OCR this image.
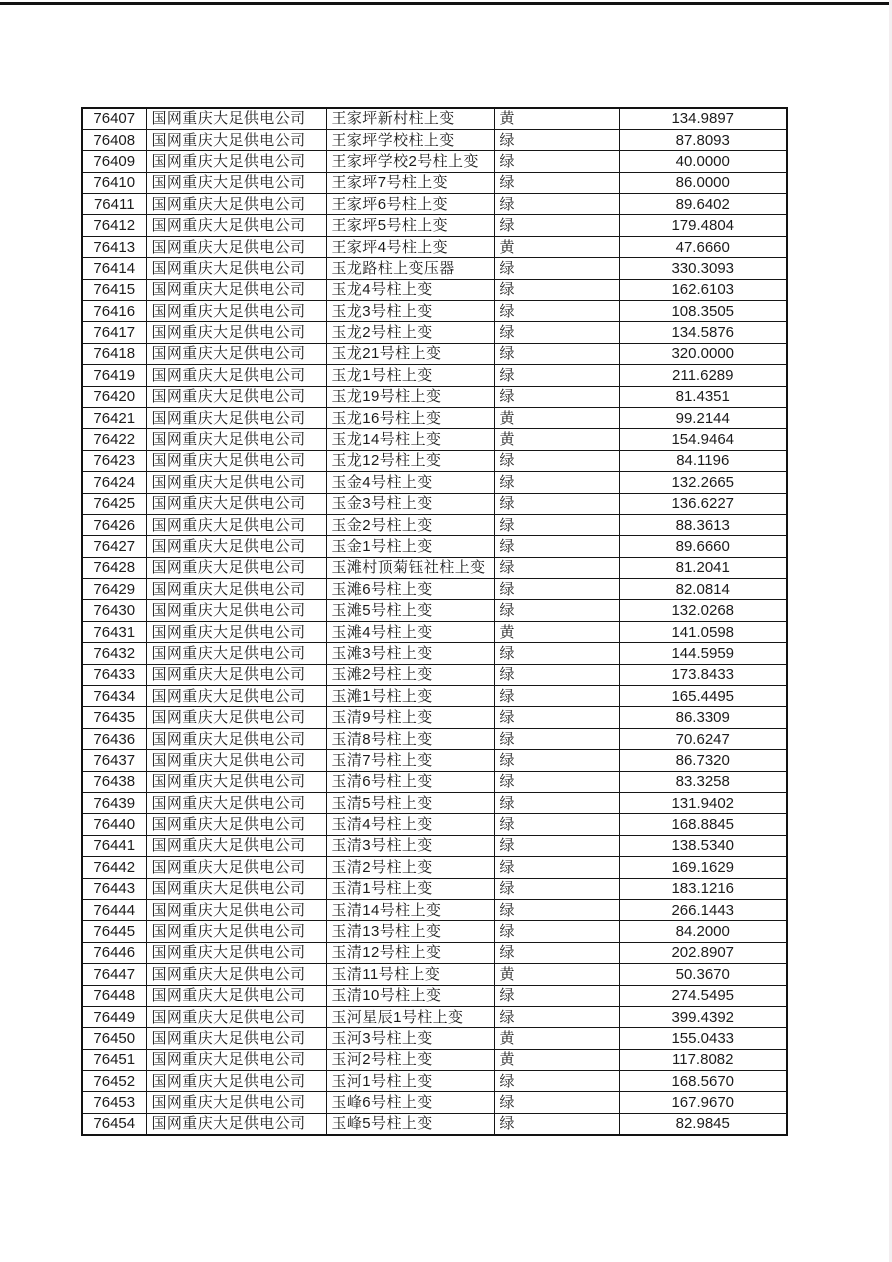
76407	国网重庆大足供电公司	王家坪新村柱上变	黄	134.9897
76408	国网重庆大足供电公司	王家坪学校柱上变	绿	87.8093
76409	国网重庆大足供电公司	王家坪学校2号柱上变	绿	40.0000
76410	国网重庆大足供电公司	王家坪7号柱上变	绿	86.0000
76411	国网重庆大足供电公司	王家坪6号柱上变	绿	89.6402
76412	国网重庆大足供电公司	王家坪5号柱上变	绿	179.4804
76413	国网重庆大足供电公司	王家坪4号柱上变	黄	47.6660
76414	国网重庆大足供电公司	玉龙路柱上变压器	绿	330.3093
76415	国网重庆大足供电公司	玉龙4号柱上变	绿	162.6103
76416	国网重庆大足供电公司	玉龙3号柱上变	绿	108.3505
76417	国网重庆大足供电公司	玉龙2号柱上变	绿	134.5876
76418	国网重庆大足供电公司	玉龙21号柱上变	绿	320.0000
76419	国网重庆大足供电公司	玉龙1号柱上变	绿	211.6289
76420	国网重庆大足供电公司	玉龙19号柱上变	绿	81.4351
76421	国网重庆大足供电公司	玉龙16号柱上变	黄	99.2144
76422	国网重庆大足供电公司	玉龙14号柱上变	黄	154.9464
76423	国网重庆大足供电公司	玉龙12号柱上变	绿	84.1196
76424	国网重庆大足供电公司	玉金4号柱上变	绿	132.2665
76425	国网重庆大足供电公司	玉金3号柱上变	绿	136.6227
76426	国网重庆大足供电公司	玉金2号柱上变	绿	88.3613
76427	国网重庆大足供电公司	玉金1号柱上变	绿	89.6660
76428	国网重庆大足供电公司	玉滩村顶菊钰社柱上变	绿	81.2041
76429	国网重庆大足供电公司	玉滩6号柱上变	绿	82.0814
76430	国网重庆大足供电公司	玉滩5号柱上变	绿	132.0268
76431	国网重庆大足供电公司	玉滩4号柱上变	黄	141.0598
76432	国网重庆大足供电公司	玉滩3号柱上变	绿	144.5959
76433	国网重庆大足供电公司	玉滩2号柱上变	绿	173.8433
76434	国网重庆大足供电公司	玉滩1号柱上变	绿	165.4495
76435	国网重庆大足供电公司	玉清9号柱上变	绿	86.3309
76436	国网重庆大足供电公司	玉清8号柱上变	绿	70.6247
76437	国网重庆大足供电公司	玉清7号柱上变	绿	86.7320
76438	国网重庆大足供电公司	玉清6号柱上变	绿	83.3258
76439	国网重庆大足供电公司	玉清5号柱上变	绿	131.9402
76440	国网重庆大足供电公司	玉清4号柱上变	绿	168.8845
76441	国网重庆大足供电公司	玉清3号柱上变	绿	138.5340
76442	国网重庆大足供电公司	玉清2号柱上变	绿	169.1629
76443	国网重庆大足供电公司	玉清1号柱上变	绿	183.1216
76444	国网重庆大足供电公司	玉清14号柱上变	绿	266.1443
76445	国网重庆大足供电公司	玉清13号柱上变	绿	84.2000
76446	国网重庆大足供电公司	玉清12号柱上变	绿	202.8907
76447	国网重庆大足供电公司	玉清11号柱上变	黄	50.3670
76448	国网重庆大足供电公司	玉清10号柱上变	绿	274.5495
76449	国网重庆大足供电公司	玉河星辰1号柱上变	绿	399.4392
76450	国网重庆大足供电公司	玉河3号柱上变	黄	155.0433
76451	国网重庆大足供电公司	玉河2号柱上变	黄	117.8082
76452	国网重庆大足供电公司	玉河1号柱上变	绿	168.5670
76453	国网重庆大足供电公司	玉峰6号柱上变	绿	167.9670
76454	国网重庆大足供电公司	玉峰5号柱上变	绿	82.9845
